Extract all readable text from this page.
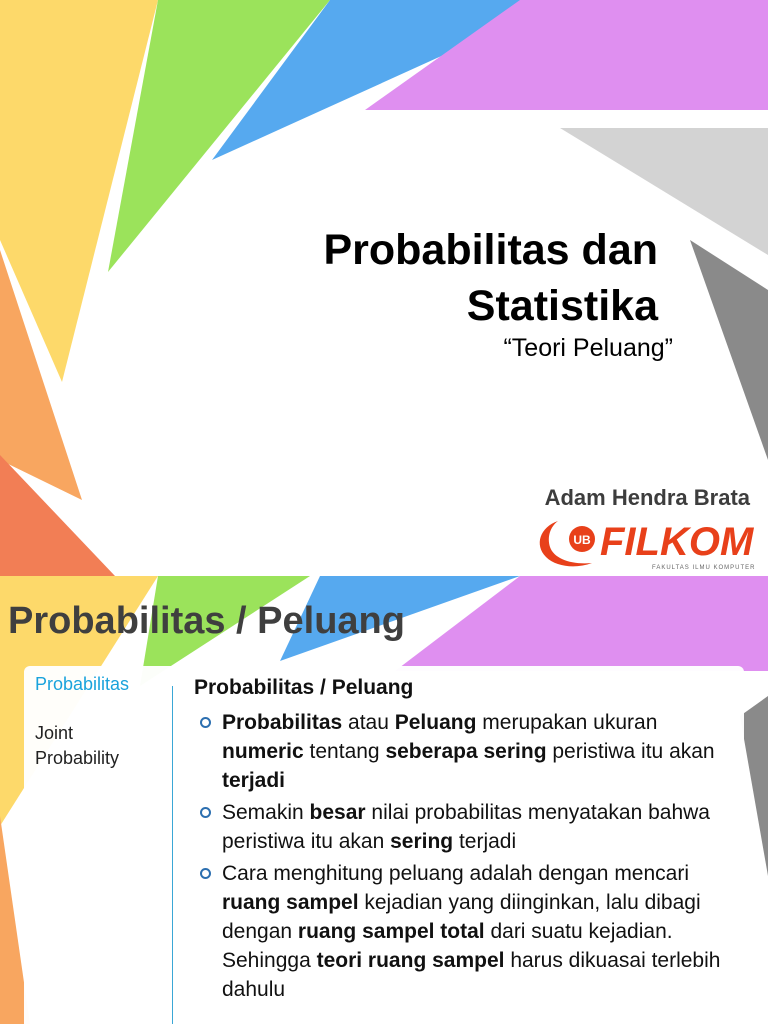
Probabilitas dan
Statistika
“Teori Peluang”
Adam Hendra Brata
UB FILKOM
FAKULTAS ILMU KOMPUTER
Probabilitas / Peluang
Probabilitas
Joint
Probability
Probabilitas / Peluang
Probabilitas atau Peluang merupakan ukuran numeric tentang seberapa sering peristiwa itu akan terjadi
Semakin besar nilai probabilitas menyatakan bahwa peristiwa itu akan sering terjadi
Cara menghitung peluang adalah dengan mencari ruang sampel kejadian yang diinginkan, lalu dibagi dengan ruang sampel total dari suatu kejadian. Sehingga teori ruang sampel harus dikuasai terlebih dahulu
